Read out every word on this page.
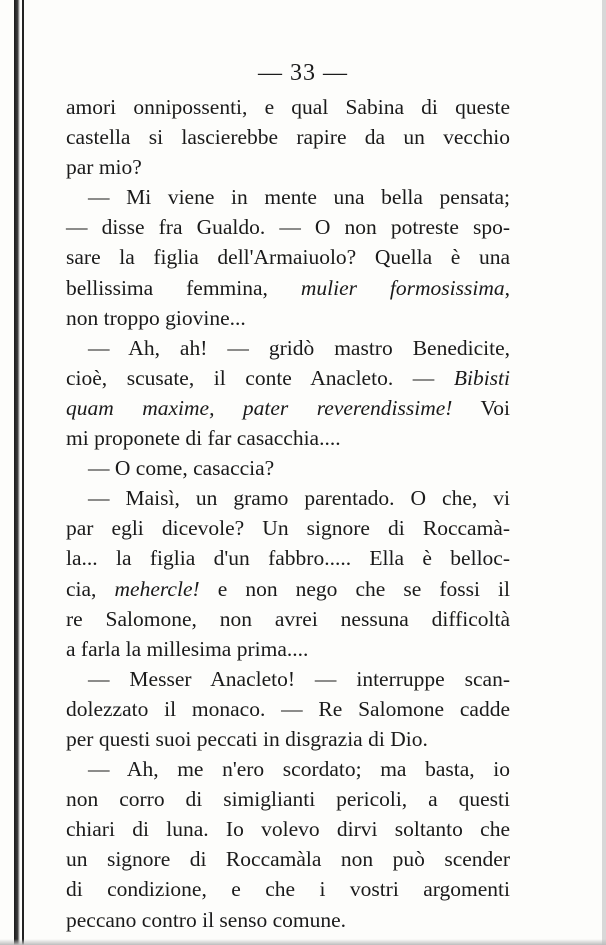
— 33 —
amori onnipossenti, e qual Sabina di queste
castella si lascierebbe rapire da un vecchio
par mio?
— Mi viene in mente una bella pensata;
— disse fra Gualdo. — O non potreste spo-
sare la figlia dell'Armaiuolo? Quella è una
bellissima femmina, mulier formosissima,
non troppo giovine...
— Ah, ah! — gridò mastro Benedicite,
cioè, scusate, il conte Anacleto. — Bibisti
quam maxime, pater reverendissime! Voi
mi proponete di far casacchia....
— O come, casaccia?
— Maisì, un gramo parentado. O che, vi
par egli dicevole? Un signore di Roccamà-
la... la figlia d'un fabbro..... Ella è belloc-
cia, mehercle! e non nego che se fossi il
re Salomone, non avrei nessuna difficoltà
a farla la millesima prima....
— Messer Anacleto! — interruppe scan-
dolezzato il monaco. — Re Salomone cadde
per questi suoi peccati in disgrazia di Dio.
— Ah, me n'ero scordato; ma basta, io
non corro di simiglianti pericoli, a questi
chiari di luna. Io volevo dirvi soltanto che
un signore di Roccamàla non può scender
di condizione, e che i vostri argomenti
peccano contro il senso comune.
